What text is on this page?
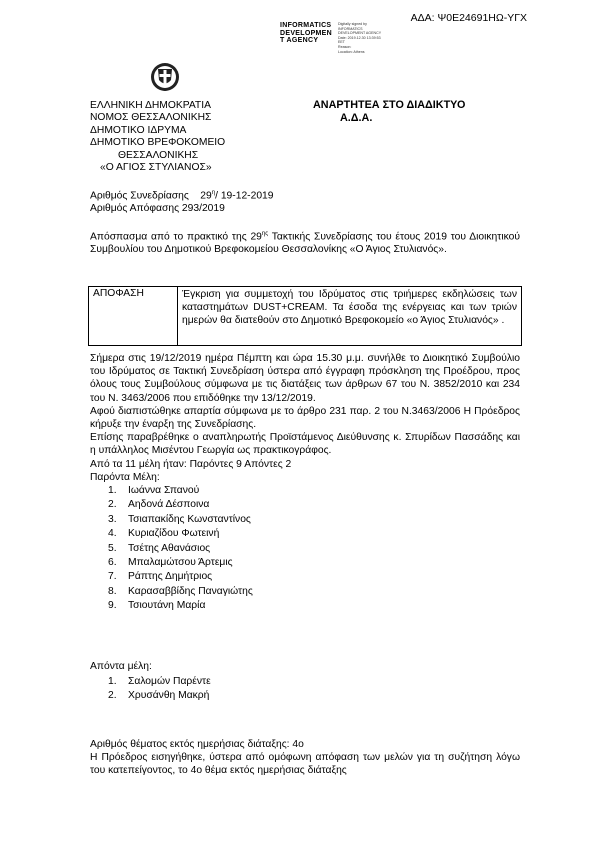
ΑΔΑ: Ψ0Ε24691ΗΩ-ΥΓΧ
INFORMATICS
DEVELOPMEN
T AGENCY
Digitally signed by
INFORMATICS
DEVELOPMENT AGENCY
Date: 2019.12.30 13:39:53
EET
Reason:
Location: Athens
ΕΛΛΗΝΙΚΗ ΔΗΜΟΚΡΑΤΙΑ
ΝΟΜΟΣ ΘΕΣΣΑΛΟΝΙΚΗΣ
ΔΗΜΟΤΙΚΟ ΙΔΡΥΜΑ
ΔΗΜΟΤΙΚΟ ΒΡΕΦΟΚΟΜΕΙΟ
ΘΕΣΣΑΛΟΝΙΚΗΣ
«Ο ΑΓΙΟΣ ΣΤΥΛΙΑΝΟΣ»
ΑΝΑΡΤΗΤΕΑ ΣΤΟ ΔΙΑΔΙΚΤΥΟ
Α.Δ.Α.
Αριθμός Συνεδρίασης $29^\eta/$ 19-12-2019
Αριθμός Απόφασης 293/2019
Απόσπασμα από το πρακτικό της $29^{\eta\varsigma}$ Τακτικής Συνεδρίασης του έτους 2019 του Διοικητικού Συμβουλίου του Δημοτικού Βρεφοκομείου Θεσσαλονίκης «Ο Άγιος Στυλιανός».
ΑΠΟΦΑΣΗ	Έγκριση για συμμετοχή του Ιδρύματος στις τριήμερες εκδηλώσεις των καταστημάτων DUST+CREAM. Τα έσοδα της ενέργειας και των τριών ημερών θα διατεθούν στο Δημοτικό Βρεφοκομείο «ο Άγιος Στυλιανός» .

Σήμερα στις 19/12/2019 ημέρα Πέμπτη και ώρα 15.30 μ.μ. συνήλθε το Διοικητικό Συμβούλιο του Ιδρύματος σε Τακτική Συνεδρίαση ύστερα από έγγραφη πρόσκληση της Προέδρου, προς όλους τους Συμβούλους σύμφωνα με τις διατάξεις των άρθρων 67 του Ν. 3852/2010 και 234 του Ν. 3463/2006 που επιδόθηκε την 13/12/2019.

Αφού διαπιστώθηκε απαρτία σύμφωνα με το άρθρο 231 παρ. 2 του Ν.3463/2006 Η Πρόεδρος κήρυξε την έναρξη της Συνεδρίασης.

Επίσης παραβρέθηκε ο αναπληρωτής Προϊστάμενος Διεύθυνσης κ. Σπυρίδων Πασσάδης και η υπάλληλος Μισέντου Γεωργία ως πρακτικογράφος.

Από τα 11 μέλη ήταν: Παρόντες 9 Απόντες 2

Παρόντα Μέλη:

1. Ιωάννα Σπανού
2. Αηδονά Δέσποινα
3. Τσιαπακίδης Κωνσταντίνος
4. Κυριαζίδου Φωτεινή
5. Τσέτης Αθανάσιος
6. Μπαλαμώτσου Άρτεμις
7. Ράπτης Δημήτριος
8. Καρασαββίδης Παναγιώτης
9. Τσιουτάνη Μαρία
Απόντα μέλη:
1. Σαλομών Παρέντε
2. Χρυσάνθη Μακρή

Αριθμός θέματος εκτός ημερήσιας διάταξης: 4ο

Η Πρόεδρος εισηγήθηκε, ύστερα από ομόφωνη απόφαση των μελών για τη συζήτηση λόγω του κατεπείγοντος, το 4ο θέμα εκτός ημερήσιας διάταξης
